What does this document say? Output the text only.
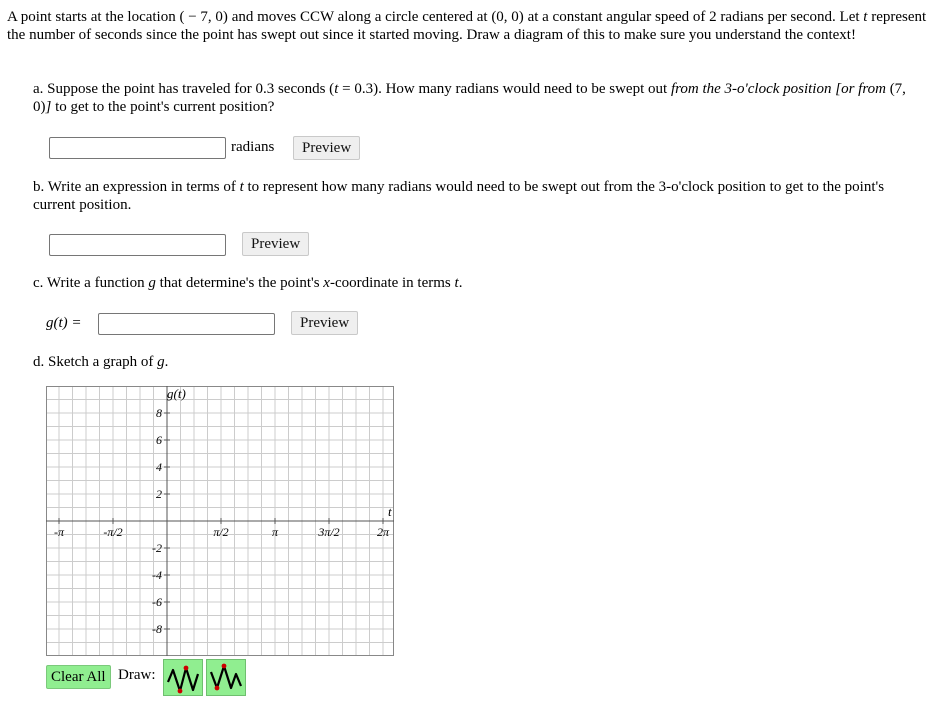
A point starts at the location ( − 7, 0) and moves CCW along a circle centered at (0, 0) at a constant angular speed of 2 radians per second. Let t represent the number of seconds since the point has swept out since it started moving. Draw a diagram of this to make sure you understand the context!
a. Suppose the point has traveled for 0.3 seconds (t = 0.3). How many radians would need to be swept out from the 3-o'clock position [or from (7, 0)] to get to the point's current position?
radians	Preview
b. Write an expression in terms of t to represent how many radians would need to be swept out from the 3-o'clock position to get to the point's current position.
Preview
c. Write a function g that determine's the point's x-coordinate in terms t.
g(t) =	Preview
d. Sketch a graph of g.
g(t)
t
8
6
4
2
-2
-4
-6
-8
-π	-π/2	π/2	π	3π/2	2π
Clear All Draw:
